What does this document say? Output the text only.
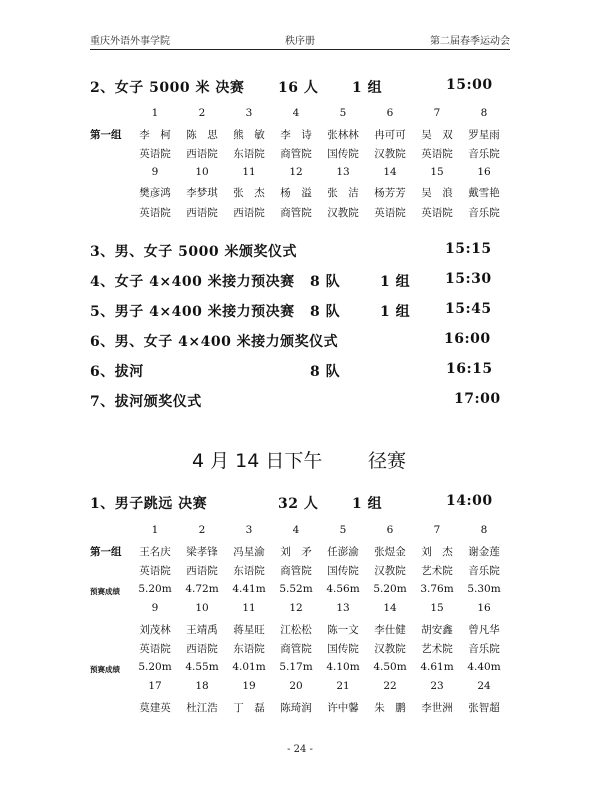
重庆外语外事学院	秩序册	第二届春季运动会
2、女子 5000 米 决赛 16 人 1 组	15:00
1	2	3	4	5	6	7	8
第一组	李　柯	陈　思	熊　敏	李　诗	张林林	冉可可	吴　双	罗星雨
英语院	西语院	东语院	商管院	国传院	汉教院	英语院	音乐院
9	10	11	12	13	14	15	16
樊彦鸿	李梦琪	张　杰	杨　溢	张　洁	杨芳芳	吴　浪	戴雪艳
英语院	西语院	西语院	商管院	汉教院	英语院	英语院	音乐院
3、男、女子 5000 米颁奖仪式	15:15
4、女子 4×400 米接力预决赛 8 队	1 组 15:30
5、男子 4×400 米接力预决赛 8 队	1 组 15:45
6、男、女子 4×400 米接力颁奖仪式	16:00
6、拔河	8 队	16:15
7、拔河颁奖仪式	17:00
4 月 14 日下午 径赛
1、男子跳远 决赛	32 人 1 组	14:00
1	2	3	4	5	6	7	8
第一组	王名庆	梁孝锋	冯星渝	刘　矛	任澎渝	张煜金	刘　杰	谢金莲
英语院	西语院	东语院	商管院	国传院	汉教院	艺术院	音乐院
预赛成绩	5.20m	4.72m	4.41m	5.52m	4.56m	5.20m	3.76m	5.30m
9	10	11	12	13	14	15	16
刘茂林	王靖禹	蒋星旺	江松松	陈一文	李仕健	胡安鑫	曾凡华
英语院	西语院	东语院	商管院	国传院	汉教院	艺术院	音乐院
预赛成绩	5.20m	4.55m	4.01m	5.17m	4.10m	4.50m	4.61m	4.40m
17	18	19	20	21	22	23	24
莫建英	杜江浩	丁　磊	陈琦润	许中馨	朱　鹏	李世洲	张智超
- 24 -
